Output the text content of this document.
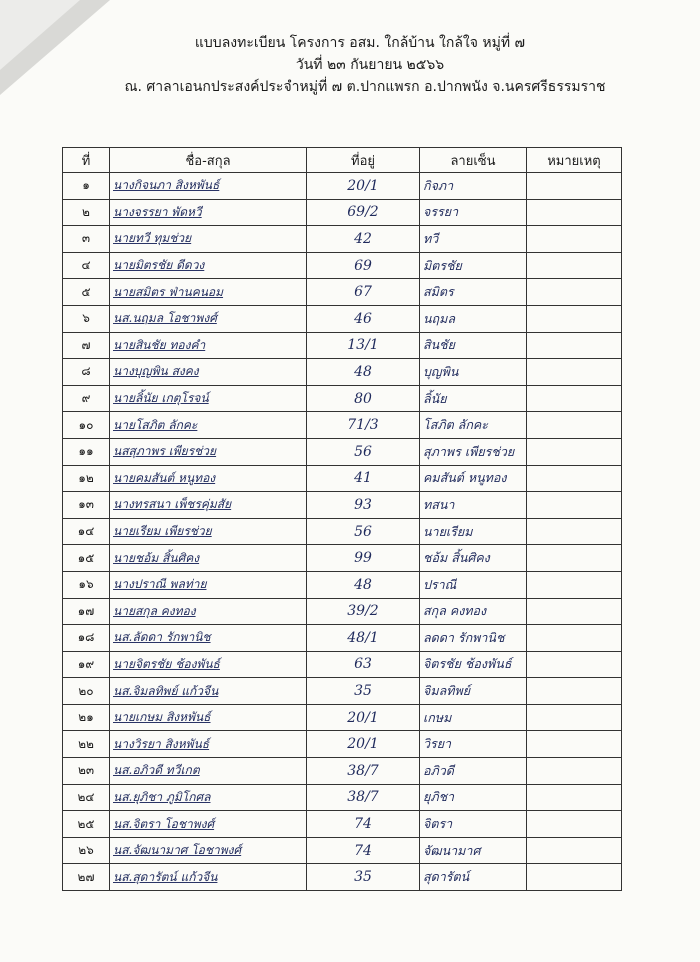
แบบลงทะเบียน โครงการ อสม. ใกล้บ้าน ใกล้ใจ หมู่ที่ ๗
วันที่ ๒๓ กันยายน ๒๕๖๖
ณ. ศาลาเอนกประสงค์ประจำหมู่ที่ ๗ ต.ปากแพรก อ.ปากพนัง จ.นครศรีธรรมราช
ที่	ชื่อ-สกุล	ที่อยู่	ลายเซ็น	หมายเหตุ
๑	นางกิจนภา สิงหพันธ์	20/1	กิจภา	
๒	นางจรรยา พัดหวี	69/2	จรรยา	
๓	นายทวี ทุมช่วย	42	ทวี	
๔	นายมิตรชัย ดีดวง	69	มิตรชัย	
๕	นายสมิตร ฟ่านคนอม	67	สมิตร	
๖	นส.นฤมล โอชาพงศ์	46	นฤมล	
๗	นายสินชัย ทองคำ	13/1	สินชัย	
๘	นางบุญพิน สงคง	48	บุญพิน	
๙	นายลิ้นัย เกตุโรจน์	80	ลิ้นัย	
๑๐	นายโสภิต ลักคะ	71/3	โสภิต ลักคะ	
๑๑	นสสุภาพร เพียรช่วย	56	สุภาพร เพียรช่วย	
๑๒	นายคมสันต์ หนูทอง	41	คมสันต์ หนูทอง	
๑๓	นางทรสนา เพ็ชรคุ่มสัย	93	ทสนา	
๑๔	นายเรียม เพียรช่วย	56	นายเรียม	
๑๕	นายชอ้ม สิ้นศิคง	99	ชอ้ม สิ้นศิคง	
๑๖	นางปราณี พลท่าย	48	ปราณี	
๑๗	นายสกุล คงทอง	39/2	สกุล คงทอง	
๑๘	นส.ลัดดา รักพานิช	48/1	ลดดา รักพานิช	
๑๙	นายจิตรชัย ช้องพันธ์	63	จิตรชัย ช้องพันธ์	
๒๐	นส.จิมลทิพย์ แก้วจีน	35	จิมลทิพย์	
๒๑	นายเกษม สิงหพันธ์	20/1	เกษม	
๒๒	นางวิรยา สิงหพันธ์	20/1	วิรยา	
๒๓	นส.อภิวดี ทวีเกต	38/7	อภิวดี	
๒๔	นส.ยุภิชา ภูมิโกศล	38/7	ยุภิชา	
๒๕	นส.จิตรา โอชาพงศ์	74	จิตรา	
๒๖	นส.จัฒนามาศ โอชาพงศ์	74	จัฒนามาศ	
๒๗	นส.สุดารัตน์ แก้วจีน	35	สุดารัตน์	
